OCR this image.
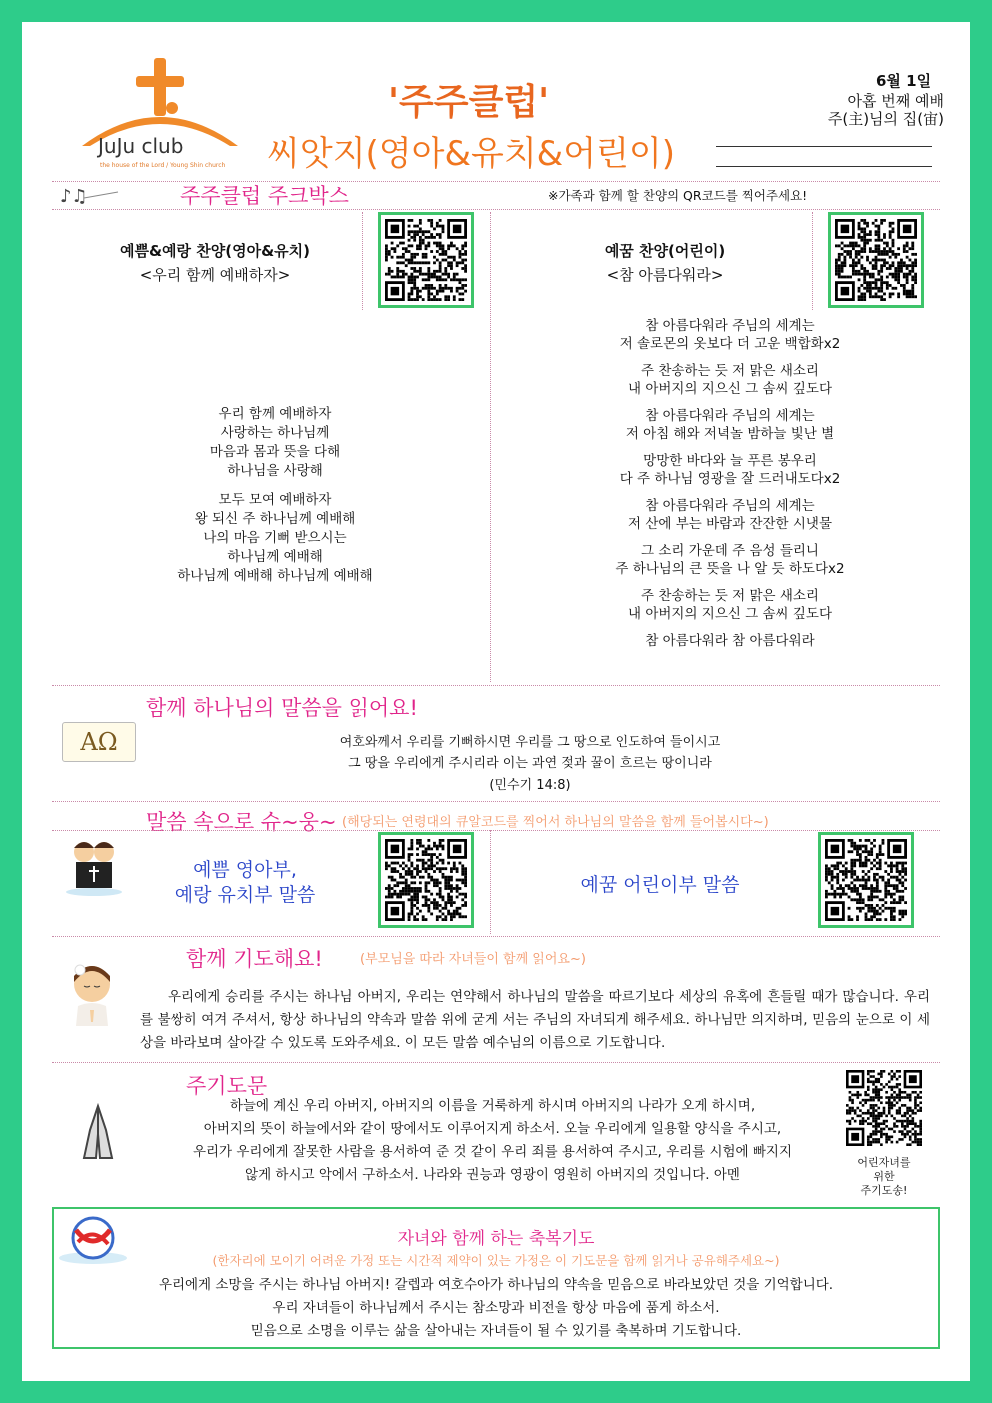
JuJu club
the house of the Lord / Young Shin church
'주주클럽'
씨앗지(영아&유치&어린이)
6월 1일
아홉 번째 예배
주(主)님의 집(宙)
♪♫	주주클럽 주크박스	※가족과 함께 할 찬양의 QR코드를 찍어주세요!
예쁨&예랑 찬양(영아&유치)
<우리 함께 예배하자>
예꿈 찬양(어린이)
<참 아름다워라>
우리 함께 예배하자
사랑하는 하나님께
마음과 몸과 뜻을 다해
하나님을 사랑해
모두 모여 예배하자
왕 되신 주 하나님께 예배해
나의 마음 기뻐 받으시는
하나님께 예배해
하나님께 예배해 하나님께 예배해
참 아름다워라 주님의 세계는
저 솔로몬의 옷보다 더 고운 백합화x2
주 찬송하는 듯 저 맑은 새소리
내 아버지의 지으신 그 솜씨 깊도다
참 아름다워라 주님의 세계는
저 아침 해와 저녁놀 밤하늘 빛난 별
망망한 바다와 늘 푸른 봉우리
다 주 하나님 영광을 잘 드러내도다x2
참 아름다워라 주님의 세계는
저 산에 부는 바람과 잔잔한 시냇물
그 소리 가운데 주 음성 들리니
주 하나님의 큰 뜻을 나 알 듯 하도다x2
주 찬송하는 듯 저 맑은 새소리
내 아버지의 지으신 그 솜씨 깊도다
참 아름다워라 참 아름다워라
함께 하나님의 말씀을 읽어요!
AΩ	여호와께서 우리를 기뻐하시면 우리를 그 땅으로 인도하여 들이시고
그 땅을 우리에게 주시리라 이는 과연 젖과 꿀이 흐르는 땅이니라
(민수기 14:8)
말씀 속으로 슈~웅~ (해당되는 연령대의 큐알코드를 찍어서 하나님의 말씀을 함께 들어봅시다~)
예쁨 영아부,
예랑 유치부 말씀	예꿈 어린이부 말씀
함께 기도해요!	(부모님을 따라 자녀들이 함께 읽어요~)
우리에게 승리를 주시는 하나님 아버지, 우리는 연약해서 하나님의 말씀을 따르기보다 세상의 유혹에 흔들릴 때가 많습니다. 우리를 불쌍히 여겨 주셔서, 항상 하나님의 약속과 말씀 위에 굳게 서는 주님의 자녀되게 해주세요. 하나님만 의지하며, 믿음의 눈으로 이 세상을 바라보며 살아갈 수 있도록 도와주세요. 이 모든 말씀 예수님의 이름으로 기도합니다.
주기도문
하늘에 계신 우리 아버지, 아버지의 이름을 거룩하게 하시며 아버지의 나라가 오게 하시며,
아버지의 뜻이 하늘에서와 같이 땅에서도 이루어지게 하소서. 오늘 우리에게 일용할 양식을 주시고,
우리가 우리에게 잘못한 사람을 용서하여 준 것 같이 우리 죄를 용서하여 주시고, 우리를 시험에 빠지지
않게 하시고 악에서 구하소서. 나라와 권능과 영광이 영원히 아버지의 것입니다. 아멘
어린자녀를
위한
주기도송!
자녀와 함께 하는 축복기도
(한자리에 모이기 어려운 가정 또는 시간적 제약이 있는 가정은 이 기도문을 함께 읽거나 공유해주세요~)
우리에게 소망을 주시는 하나님 아버지! 갈렙과 여호수아가 하나님의 약속을 믿음으로 바라보았던 것을 기억합니다.
우리 자녀들이 하나님께서 주시는 참소망과 비전을 항상 마음에 품게 하소서.
믿음으로 소명을 이루는 삶을 살아내는 자녀들이 될 수 있기를 축복하며 기도합니다.
